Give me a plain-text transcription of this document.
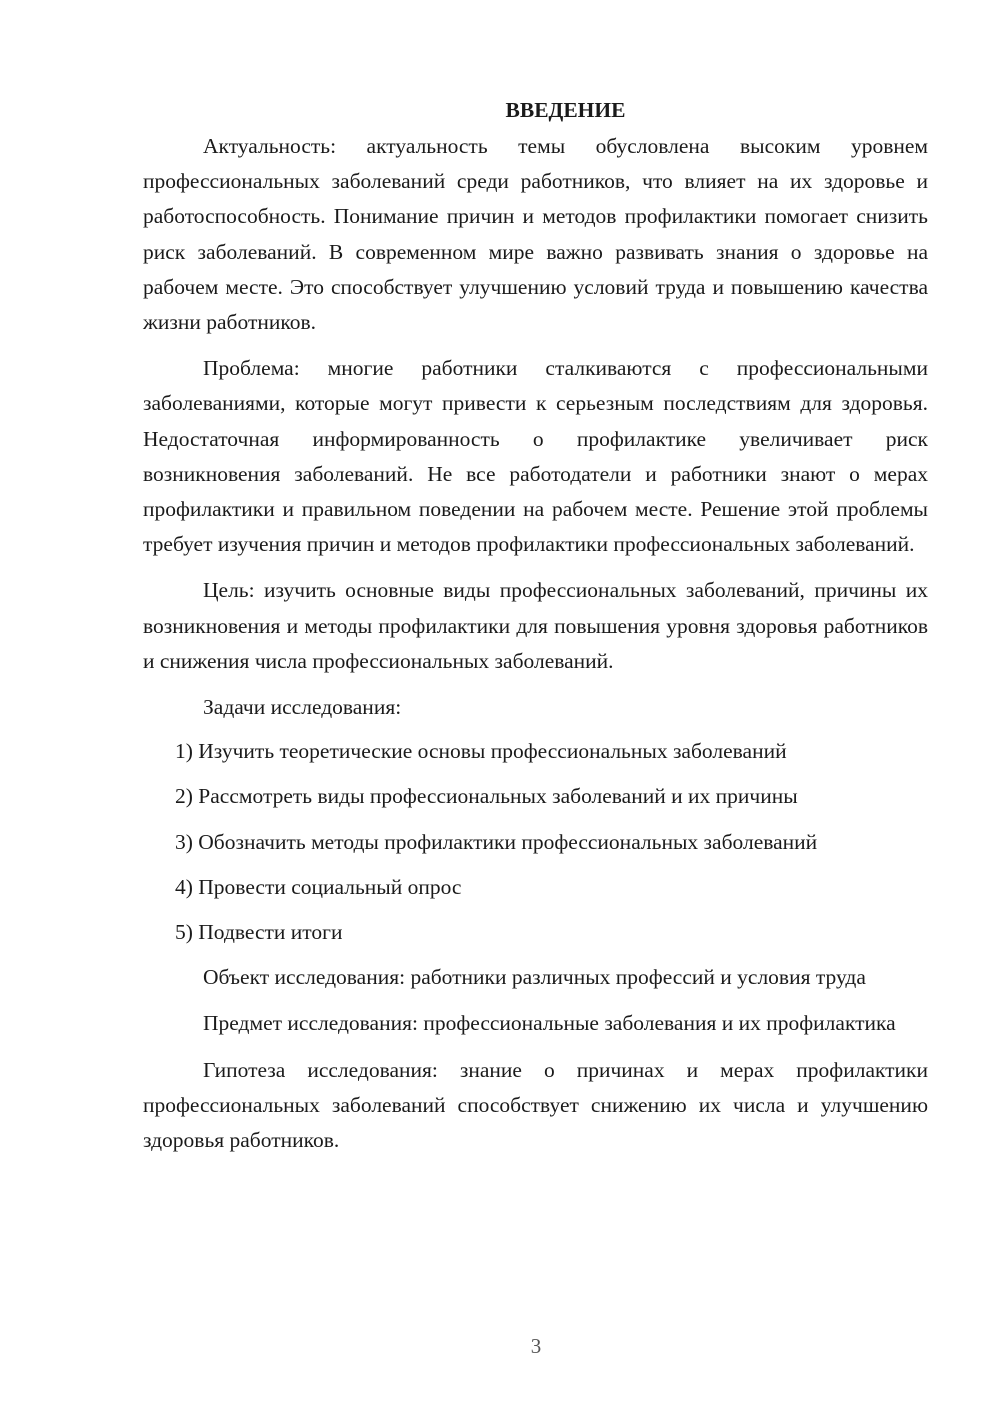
ВВЕДЕНИЕ

Актуальность: актуальность темы обусловлена высоким уровнем профессиональных заболеваний среди работников, что влияет на их здоровье и работоспособность. Понимание причин и методов профилактики помогает снизить риск заболеваний. В современном мире важно развивать знания о здоровье на рабочем месте. Это способствует улучшению условий труда и повышению качества жизни работников.

Проблема: многие работники сталкиваются с профессиональными заболеваниями, которые могут привести к серьезным последствиям для здоровья. Недостаточная информированность о профилактике увеличивает риск возникновения заболеваний. Не все работодатели и работники знают о мерах профилактики и правильном поведении на рабочем месте. Решение этой проблемы требует изучения причин и методов профилактики профессиональных заболеваний.

Цель: изучить основные виды профессиональных заболеваний, причины их возникновения и методы профилактики для повышения уровня здоровья работников и снижения числа профессиональных заболеваний.

Задачи исследования:

1) Изучить теоретические основы профессиональных заболеваний
2) Рассмотреть виды профессиональных заболеваний и их причины
3) Обозначить методы профилактики профессиональных заболеваний
4) Провести социальный опрос
5) Подвести итоги

Объект исследования: работники различных профессий и условия труда

Предмет исследования: профессиональные заболевания и их профилактика

Гипотеза исследования: знание о причинах и мерах профилактики профессиональных заболеваний способствует снижению их числа и улучшению здоровья работников.

3
